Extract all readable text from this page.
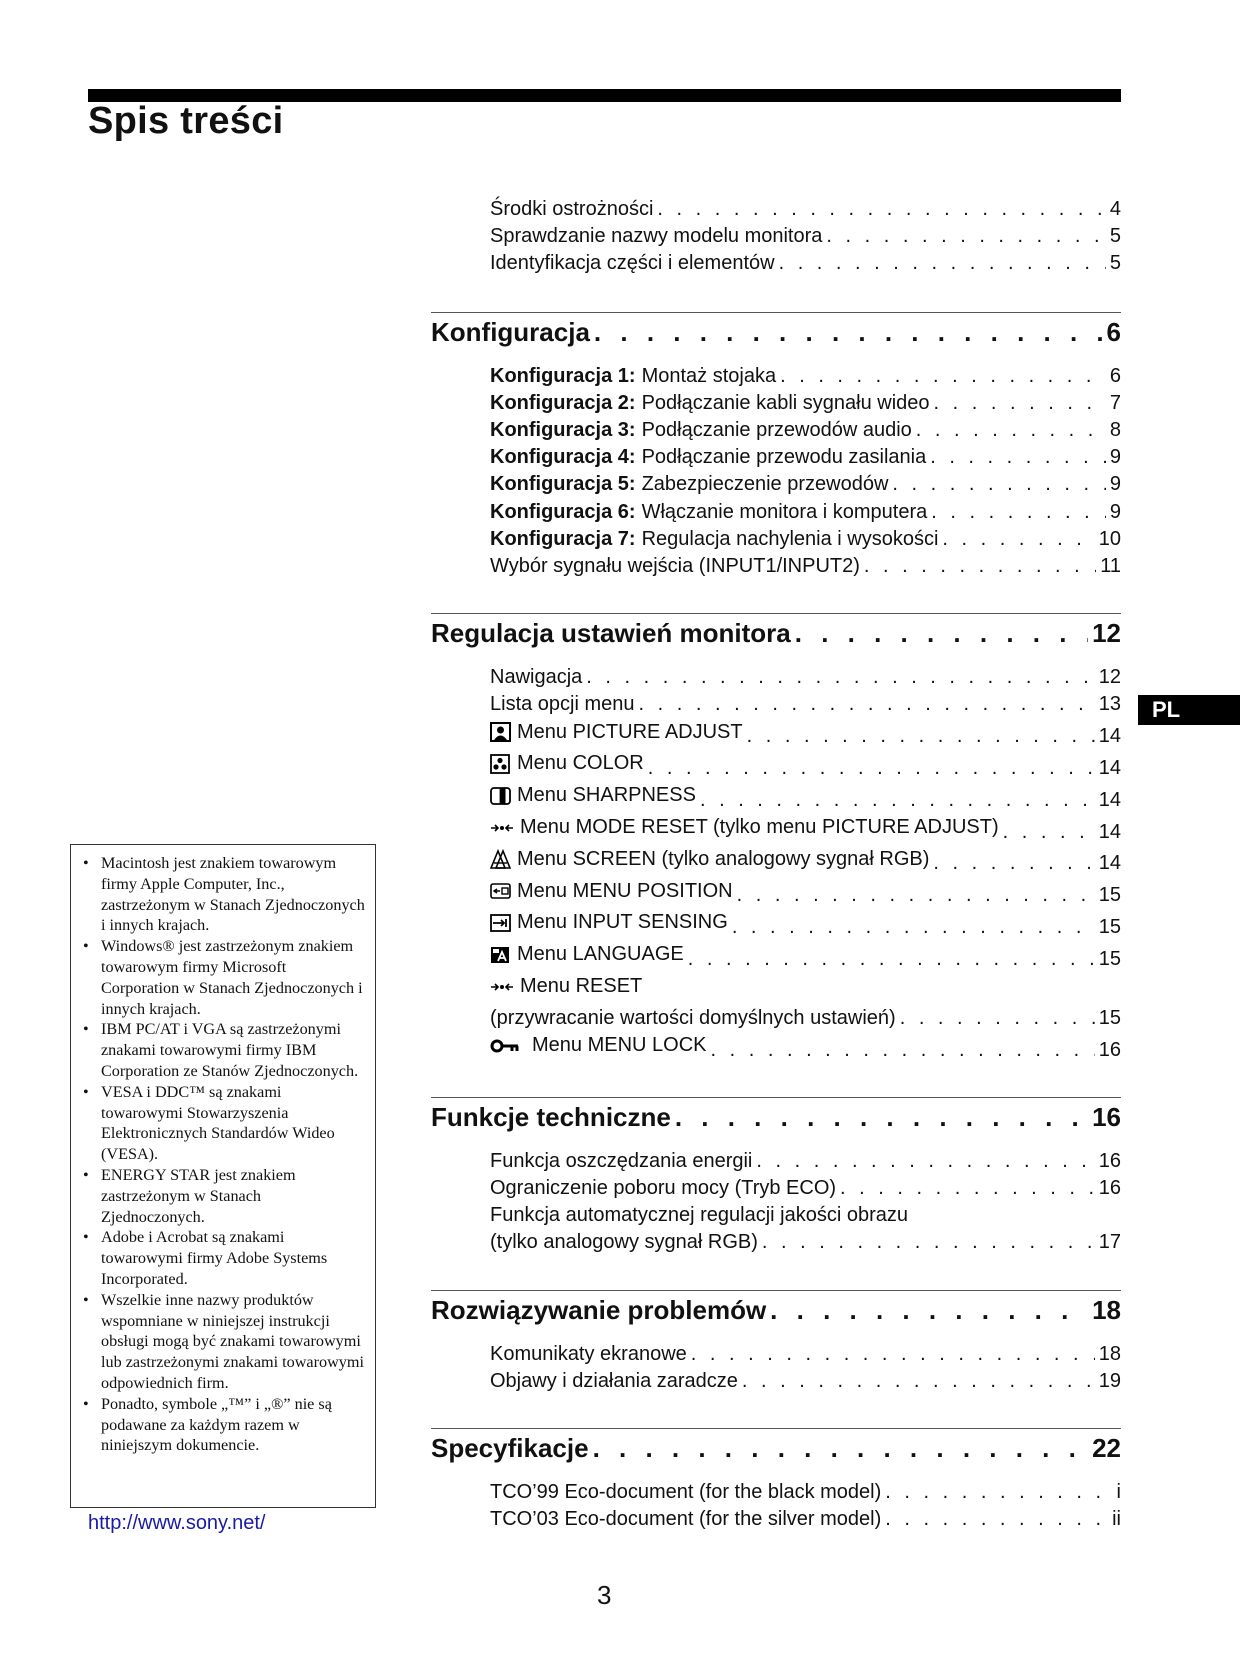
Spis treści
Środki ostrożności . . .	4
Sprawdzanie nazwy modelu monitora . . .	5
Identyfikacja części i elementów . . .	5
Konfiguracja . . .	6
Konfiguracja 1: Montaż stojaka . . .	6
Konfiguracja 2: Podłączanie kabli sygnału wideo . . .	7
Konfiguracja 3: Podłączanie przewodów audio . . .	8
Konfiguracja 4: Podłączanie przewodu zasilania . . .	9
Konfiguracja 5: Zabezpieczenie przewodów . . .	9
Konfiguracja 6: Włączanie monitora i komputera . . .	9
Konfiguracja 7: Regulacja nachylenia i wysokości . . .	10
Wybór sygnału wejścia (INPUT1/INPUT2) . . .	11
Regulacja ustawień monitora . . .	12
Nawigacja . . .	12
Lista opcji menu . . .	13
Menu PICTURE ADJUST . . .	14
Menu COLOR . . .	14
Menu SHARPNESS . . .	14
Menu MODE RESET (tylko menu PICTURE ADJUST) . . .	14
Menu SCREEN (tylko analogowy sygnał RGB) . . .	14
Menu MENU POSITION . . .	15
Menu INPUT SENSING . . .	15
Menu LANGUAGE . . .	15
Menu RESET
(przywracanie wartości domyślnych ustawień) . . .	15
Menu MENU LOCK . . .	16
Funkcje techniczne . . .	16
Funkcja oszczędzania energii . . .	16
Ograniczenie poboru mocy (Tryb ECO) . . .	16
Funkcja automatycznej regulacji jakości obrazu
(tylko analogowy sygnał RGB) . . .	17
Rozwiązywanie problemów . . .	18
Komunikaty ekranowe . . .	18
Objawy i działania zaradcze . . .	19
Specyfikacje . . .	22
TCO’99 Eco-document (for the black model) . . .	i
TCO’03 Eco-document (for the silver model) . . .	ii
• Macintosh jest znakiem towarowym firmy Apple Computer, Inc., zastrzeżonym w Stanach Zjednoczonych i innych krajach.
• Windows® jest zastrzeżonym znakiem towarowym firmy Microsoft Corporation w Stanach Zjednoczonych i innych krajach.
• IBM PC/AT i VGA są zastrzeżonymi znakami towarowymi firmy IBM Corporation ze Stanów Zjednoczonych.
• VESA i DDC™ są znakami towarowymi Stowarzyszenia Elektronicznych Standardów Wideo (VESA).
• ENERGY STAR jest znakiem zastrzeżonym w Stanach Zjednoczonych.
• Adobe i Acrobat są znakami towarowymi firmy Adobe Systems Incorporated.
• Wszelkie inne nazwy produktów wspomniane w niniejszej instrukcji obsługi mogą być znakami towarowymi lub zastrzeżonymi znakami towarowymi odpowiednich firm.
• Ponadto, symbole „™” i „®” nie są podawane za każdym razem w niniejszym dokumencie.
http://www.sony.net/
PL
3
